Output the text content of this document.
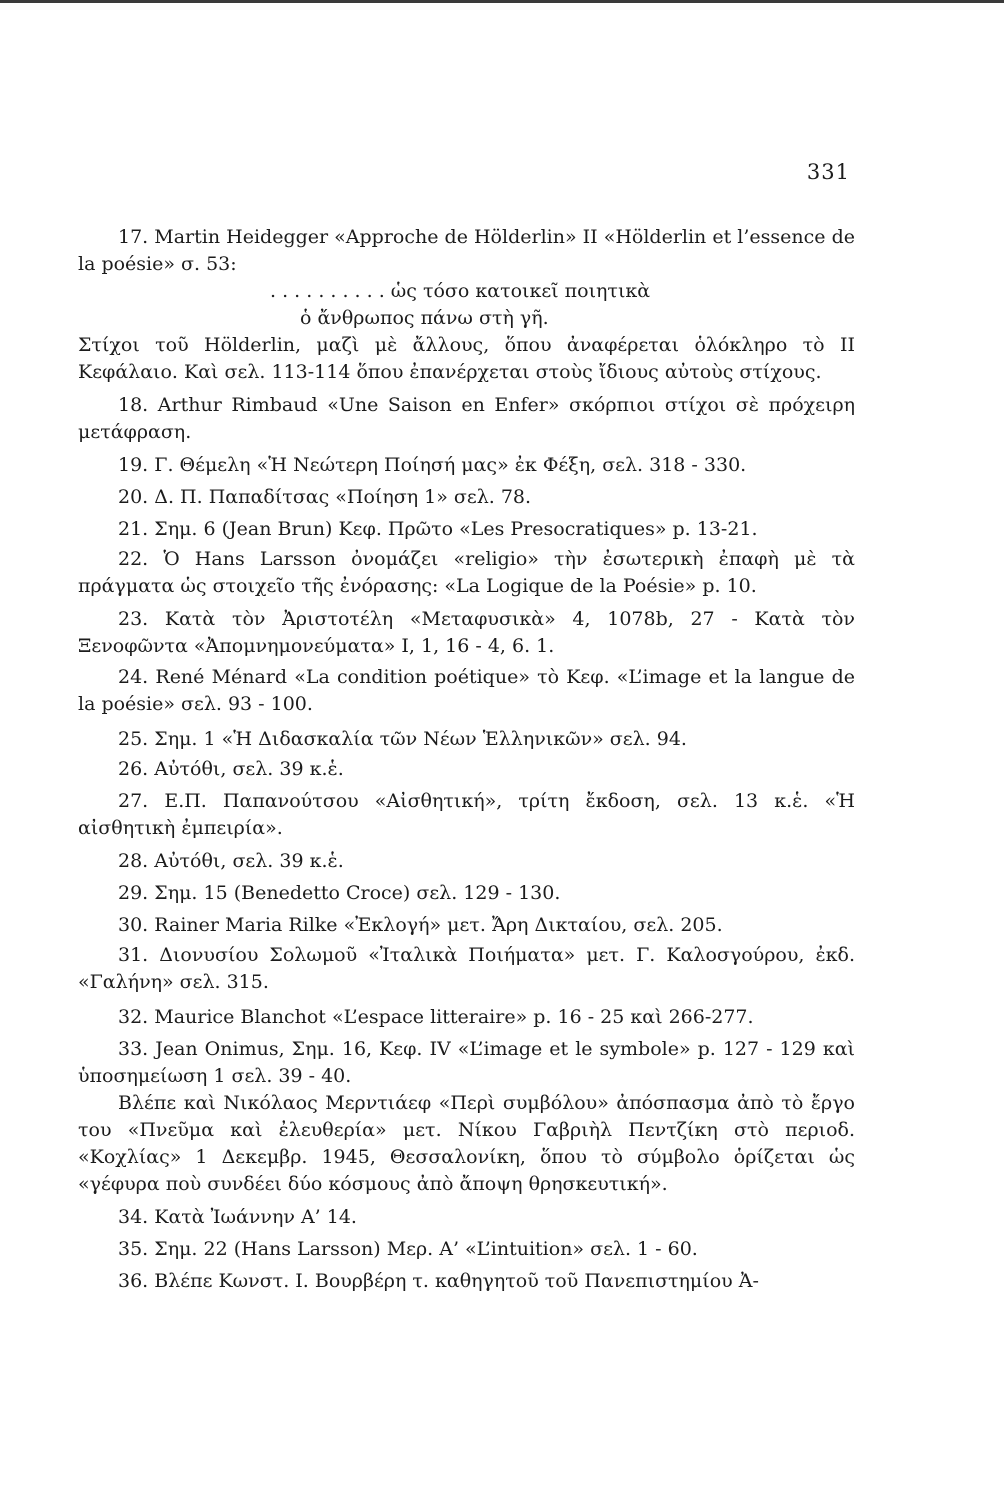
331

17. Martin Heidegger «Approche de Hölderlin» II «Hölderlin et l’essence de la poésie» σ. 53:

. . . . . . . . . . ὡς τόσο κατοικεῖ ποιητικὰ

ὁ ἄνθρωπος πάνω στὴ γῆ.

Στίχοι τοῦ Hölderlin, μαζὶ μὲ ἄλλους, ὅπου ἀναφέρεται ὁλόκληρο τὸ II Κεφάλαιο. Καὶ σελ. 113-114 ὅπου ἐπανέρχεται στοὺς ἴδιους αὐτοὺς στίχους.

18. Arthur Rimbaud «Une Saison en Enfer» σκόρπιοι στίχοι σὲ πρόχειρη μετάφραση.

19. Γ. Θέμελη «Ἡ Νεώτερη Ποίησή μας» ἐκ Φέξη, σελ. 318 - 330.

20. Δ. Π. Παπαδίτσας «Ποίηση 1» σελ. 78.

21. Σημ. 6 (Jean Brun) Κεφ. Πρῶτο «Les Presocratiques» p. 13-21.

22. Ὁ Hans Larsson ὀνομάζει «religio» τὴν ἐσωτερικὴ ἐπαφὴ μὲ τὰ πράγματα ὡς στοιχεῖο τῆς ἐνόρασης: «La Logique de la Poésie» p. 10.

23. Κατὰ τὸν Ἀριστοτέλη «Μεταφυσικὰ» 4, 1078b, 27 - Κατὰ τὸν Ξενοφῶντα «Ἀπομνημονεύματα» I, 1, 16 - 4, 6. 1.

24. René Ménard «La condition poétique» τὸ Κεφ. «L’image et la langue de la poésie» σελ. 93 - 100.

25. Σημ. 1 «Ἡ Διδασκαλία τῶν Νέων Ἑλληνικῶν» σελ. 94.

26. Αὐτόθι, σελ. 39 κ.ἑ.

27. Ε.Π. Παπανούτσου «Αἰσθητική», τρίτη ἔκδοση, σελ. 13 κ.ἑ. «Ἡ αἰσθητικὴ ἐμπειρία».

28. Αὐτόθι, σελ. 39 κ.ἑ.

29. Σημ. 15 (Benedetto Croce) σελ. 129 - 130.

30. Rainer Maria Rilke «Ἐκλογή» μετ. Ἄρη Δικταίου, σελ. 205.

31. Διονυσίου Σολωμοῦ «Ἰταλικὰ Ποιήματα» μετ. Γ. Καλοσγούρου, ἐκδ. «Γαλήνη» σελ. 315.

32. Maurice Blanchot «L’espace litteraire» p. 16 - 25 καὶ 266-277.

33. Jean Onimus, Σημ. 16, Κεφ. IV «L’image et le symbole» p. 127 - 129 καὶ ὑποσημείωση 1 σελ. 39 - 40.

Βλέπε καὶ Νικόλαος Μερντιάεφ «Περὶ συμβόλου» ἀπόσπασμα ἀπὸ τὸ ἔργο του «Πνεῦμα καὶ ἐλευθερία» μετ. Νίκου Γαβριὴλ Πεντζίκη στὸ περιοδ. «Κοχλίας» 1 Δεκεμβρ. 1945, Θεσσαλονίκη, ὅπου τὸ σύμβολο ὁρίζεται ὡς «γέφυρα ποὺ συνδέει δύο κόσμους ἀπὸ ἄποψη θρησκευτική».

34. Κατὰ Ἰωάννην Α’ 14.

35. Σημ. 22 (Hans Larsson) Μερ. Α’ «L’intuition» σελ. 1 - 60.

36. Βλέπε Κωνστ. Ι. Βουρβέρη τ. καθηγητοῦ τοῦ Πανεπιστημίου Ἀ-
